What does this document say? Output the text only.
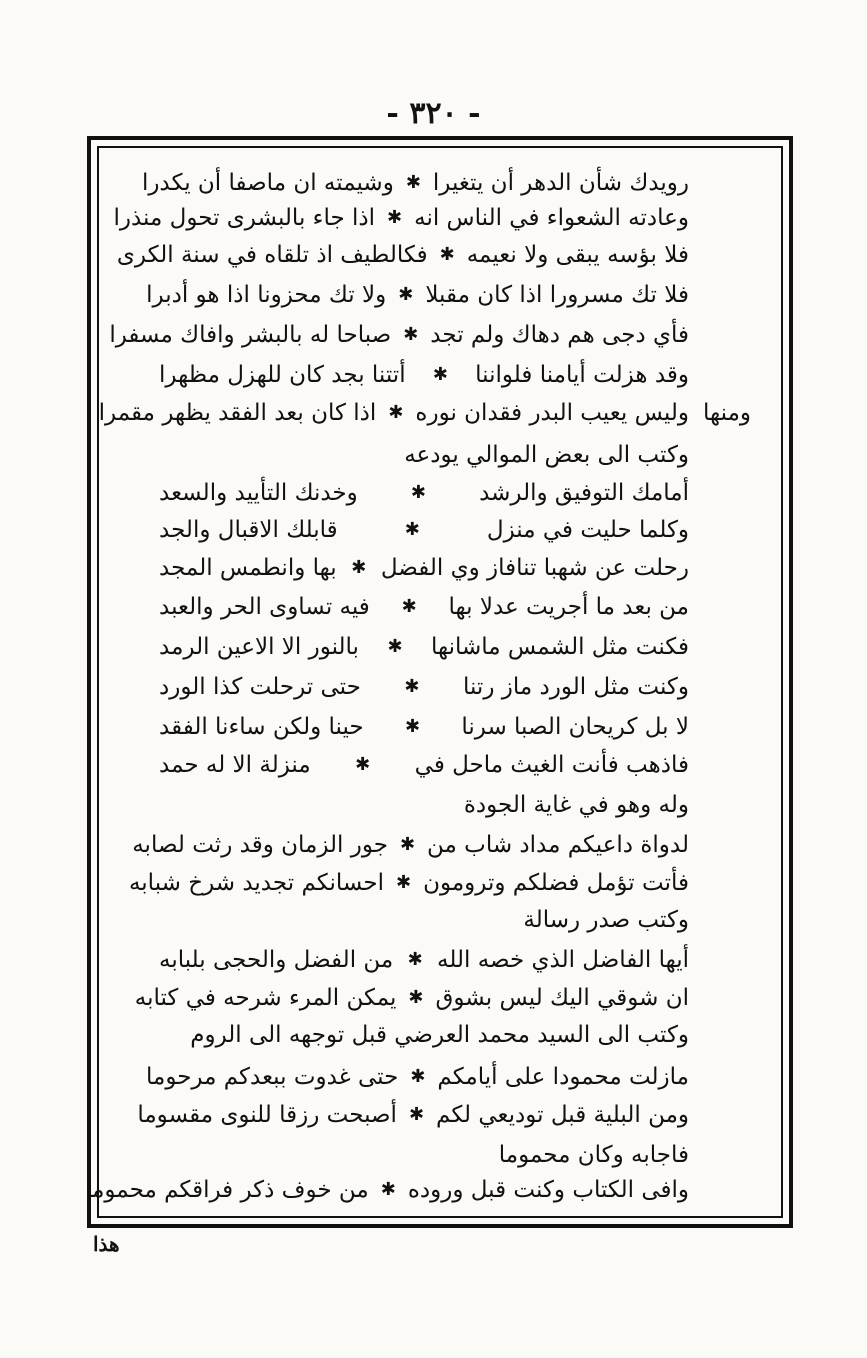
- ٣٢٠ -
رويدك شأن الدهر أن يتغيرا
✱
وشيمته ان ماصفا أن يكدرا
وعادته الشعواء في الناس انه
✱
اذا جاء بالبشرى تحول منذرا
فلا بؤسه يبقى ولا نعيمه
✱
فكالطيف اذ تلقاه في سنة الكرى
فلا تك مسرورا اذا كان مقبلا
✱
ولا تك محزونا اذا هو أدبرا
فأي دجى هم دهاك ولم تجد
✱
صباحا له بالبشر وافاك مسفرا
وقد هزلت أيامنا فلواننا
✱
أتتنا بجد كان للهزل مظهرا
ومنها
وليس يعيب البدر فقدان نوره
✱
اذا كان بعد الفقد يظهر مقمرا
وكتب الى بعض الموالي يودعه
أمامك التوفيق والرشد
✱
وخدنك التأييد والسعد
وكلما حليت في منزل
✱
قابلك الاقبال والجد
رحلت عن شهبا تنافاز وي الفضل
✱
بها وانطمس المجد
من بعد ما أجريت عدلا بها
✱
فيه تساوى الحر والعبد
فكنت مثل الشمس ماشانها
✱
بالنور الا الاعين الرمد
وكنت مثل الورد ماز رتنا
✱
حتى ترحلت كذا الورد
لا بل كريحان الصبا سرنا
✱
حينا ولكن ساءنا الفقد
فاذهب فأنت الغيث ماحل في
✱
منزلة الا له حمد
وله وهو في غاية الجودة
لدواة داعيكم مداد شاب من
✱
جور الزمان وقد رثت لصابه
فأتت تؤمل فضلكم وترومون
✱
احسانكم تجديد شرخ شبابه
وكتب صدر رسالة
أيها الفاضل الذي خصه الله
✱
من الفضل والحجى بلبابه
ان شوقي اليك ليس بشوق
✱
يمكن المرء شرحه في كتابه
وكتب الى السيد محمد العرضي قبل توجهه الى الروم
مازلت محمودا على أيامكم
✱
حتى غدوت ببعدكم مرحوما
ومن البلية قبل توديعي لكم
✱
أصبحت رزقا للنوى مقسوما
فاجابه وكان محموما
وافى الكتاب وكنت قبل وروده
✱
من خوف ذكر فراقكم محموما
هذا
